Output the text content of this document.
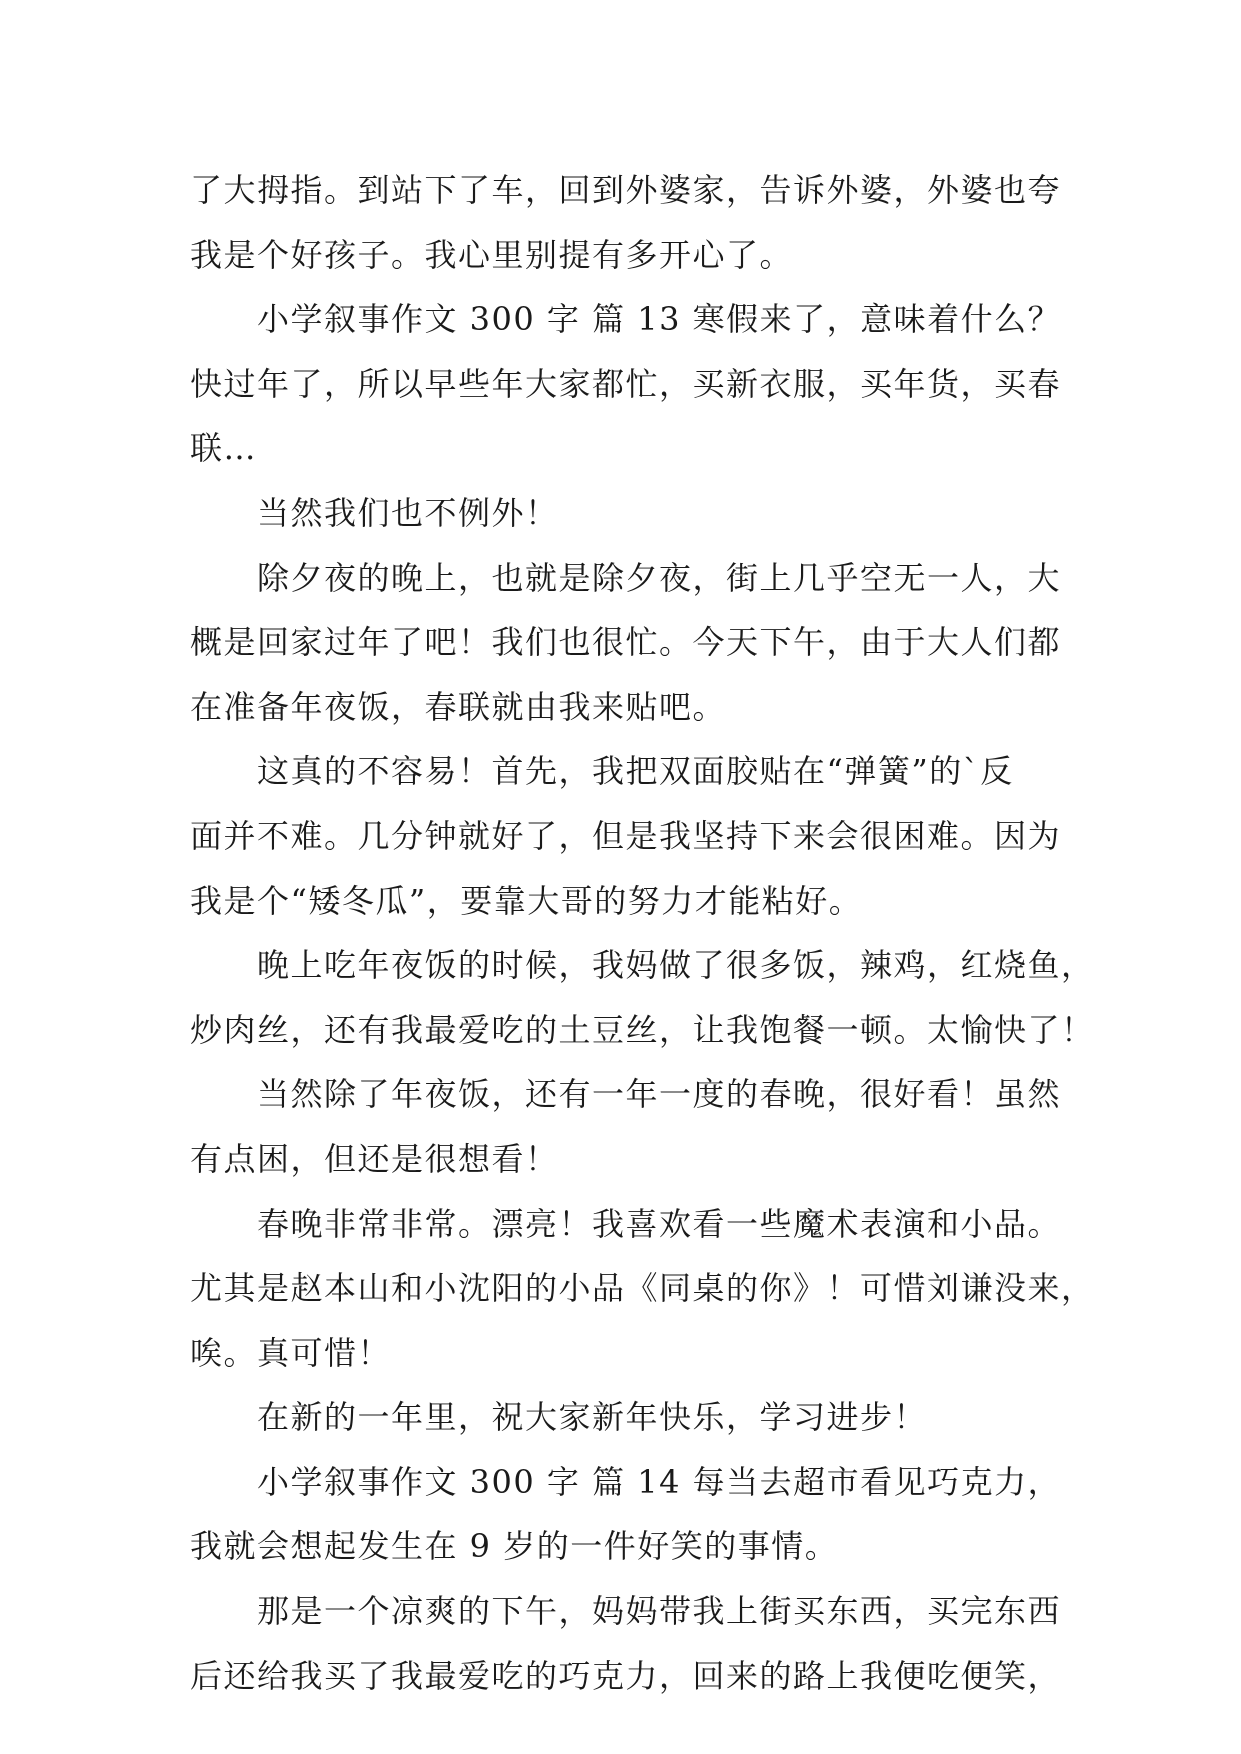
了大拇指。到站下了车，回到外婆家，告诉外婆，外婆也夸
我是个好孩子。我心里别提有多开心了。
小学叙事作文 300 字 篇 13 寒假来了，意味着什么？
快过年了，所以早些年大家都忙，买新衣服，买年货，买春
联…
当然我们也不例外！
除夕夜的晚上，也就是除夕夜，街上几乎空无一人，大
概是回家过年了吧！我们也很忙。今天下午，由于大人们都
在准备年夜饭，春联就由我来贴吧。
这真的不容易！首先，我把双面胶贴在“弹簧”的`反
面并不难。几分钟就好了，但是我坚持下来会很困难。因为
我是个“矮冬瓜”，要靠大哥的努力才能粘好。
晚上吃年夜饭的时候，我妈做了很多饭，辣鸡，红烧鱼，
炒肉丝，还有我最爱吃的土豆丝，让我饱餐一顿。太愉快了！
当然除了年夜饭，还有一年一度的春晚，很好看！虽然
有点困，但还是很想看！
春晚非常非常。漂亮！我喜欢看一些魔术表演和小品。
尤其是赵本山和小沈阳的小品《同桌的你》！可惜刘谦没来，
唉。真可惜！
在新的一年里，祝大家新年快乐，学习进步！
小学叙事作文 300 字 篇 14 每当去超市看见巧克力，
我就会想起发生在 9 岁的一件好笑的事情。
那是一个凉爽的下午，妈妈带我上街买东西，买完东西
后还给我买了我最爱吃的巧克力，回来的路上我便吃便笑，
